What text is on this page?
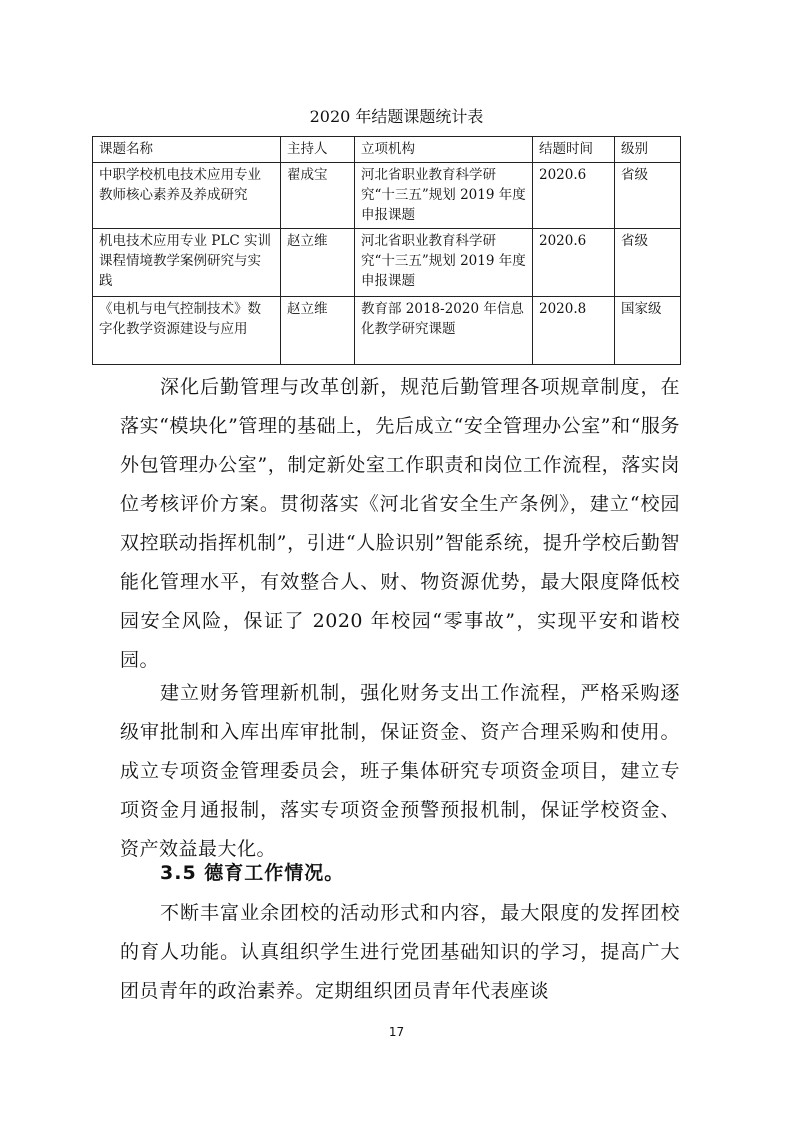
2020 年结题课题统计表
课题名称	主持人	立项机构	结题时间	级别
中职学校机电技术应用专业教师核心素养及养成研究	翟成宝	河北省职业教育科学研究“十三五”规划 2019 年度申报课题	2020.6	省级
机电技术应用专业 PLC 实训课程情境教学案例研究与实践	赵立维	河北省职业教育科学研究“十三五”规划 2019 年度申报课题	2020.6	省级
《电机与电气控制技术》数字化教学资源建设与应用	赵立维	教育部 2018-2020 年信息化教学研究课题	2020.8	国家级

深化后勤管理与改革创新，规范后勤管理各项规章制度，在落实“模块化”管理的基础上，先后成立“安全管理办公室”和“服务外包管理办公室”，制定新处室工作职责和岗位工作流程，落实岗位考核评价方案。贯彻落实《河北省安全生产条例》，建立“校园双控联动指挥机制”，引进“人脸识别”智能系统，提升学校后勤智能化管理水平，有效整合人、财、物资源优势，最大限度降低校园安全风险，保证了 2020 年校园“零事故”，实现平安和谐校园。

建立财务管理新机制，强化财务支出工作流程，严格采购逐级审批制和入库出库审批制，保证资金、资产合理采购和使用。成立专项资金管理委员会，班子集体研究专项资金项目，建立专项资金月通报制，落实专项资金预警预报机制，保证学校资金、资产效益最大化。

3.5 德育工作情况。

不断丰富业余团校的活动形式和内容，最大限度的发挥团校的育人功能。认真组织学生进行党团基础知识的学习，提高广大团员青年的政治素养。定期组织团员青年代表座谈

17
